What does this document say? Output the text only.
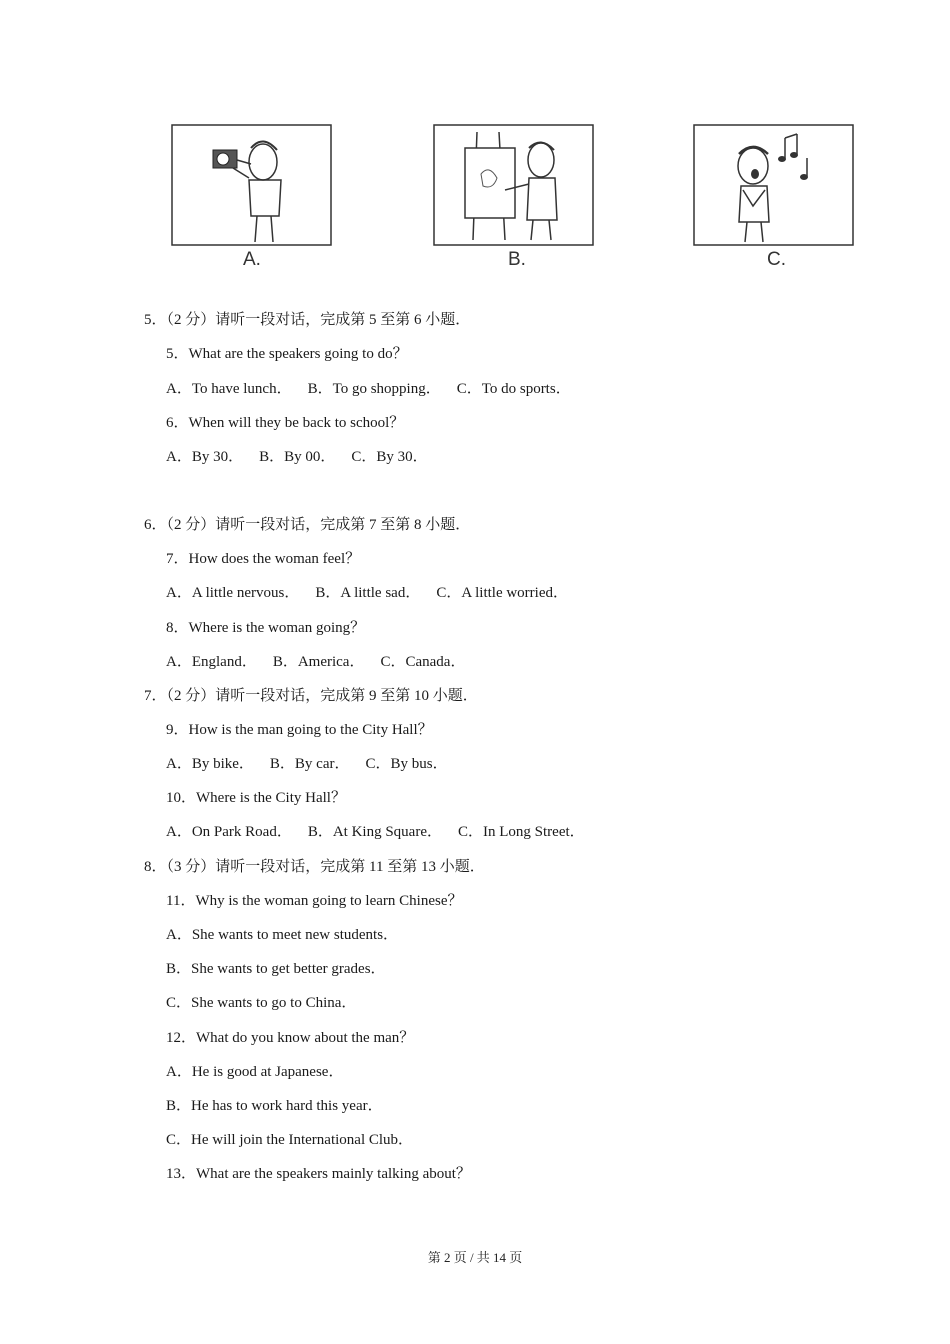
A.	B.	C.
5．（2 分）请听一段对话，完成第 5 至第 6 小题．
5．What are the speakers going to do？
A．To have lunch． B．To go shopping． C．To do sports．
6．When will they be back to school？
A．By 30． B．By 00． C．By 30．
6．（2 分）请听一段对话，完成第 7 至第 8 小题．
7．How does the woman feel？
A．A little nervous． B．A little sad． C．A little worried．
8．Where is the woman going？
A．England． B．America． C．Canada．
7．（2 分）请听一段对话，完成第 9 至第 10 小题．
9．How is the man going to the City Hall？
A．By bike． B．By car． C．By bus．
10．Where is the City Hall？
A．On Park Road． B．At King Square． C．In Long Street．
8．（3 分）请听一段对话，完成第 11 至第 13 小题．
11．Why is the woman going to learn Chinese？
A．She wants to meet new students．
B．She wants to get better grades．
C．She wants to go to China．
12．What do you know about the man？
A．He is good at Japanese．
B．He has to work hard this year．
C．He will join the International Club．
13．What are the speakers mainly talking about？
第 2 页 / 共 14 页
